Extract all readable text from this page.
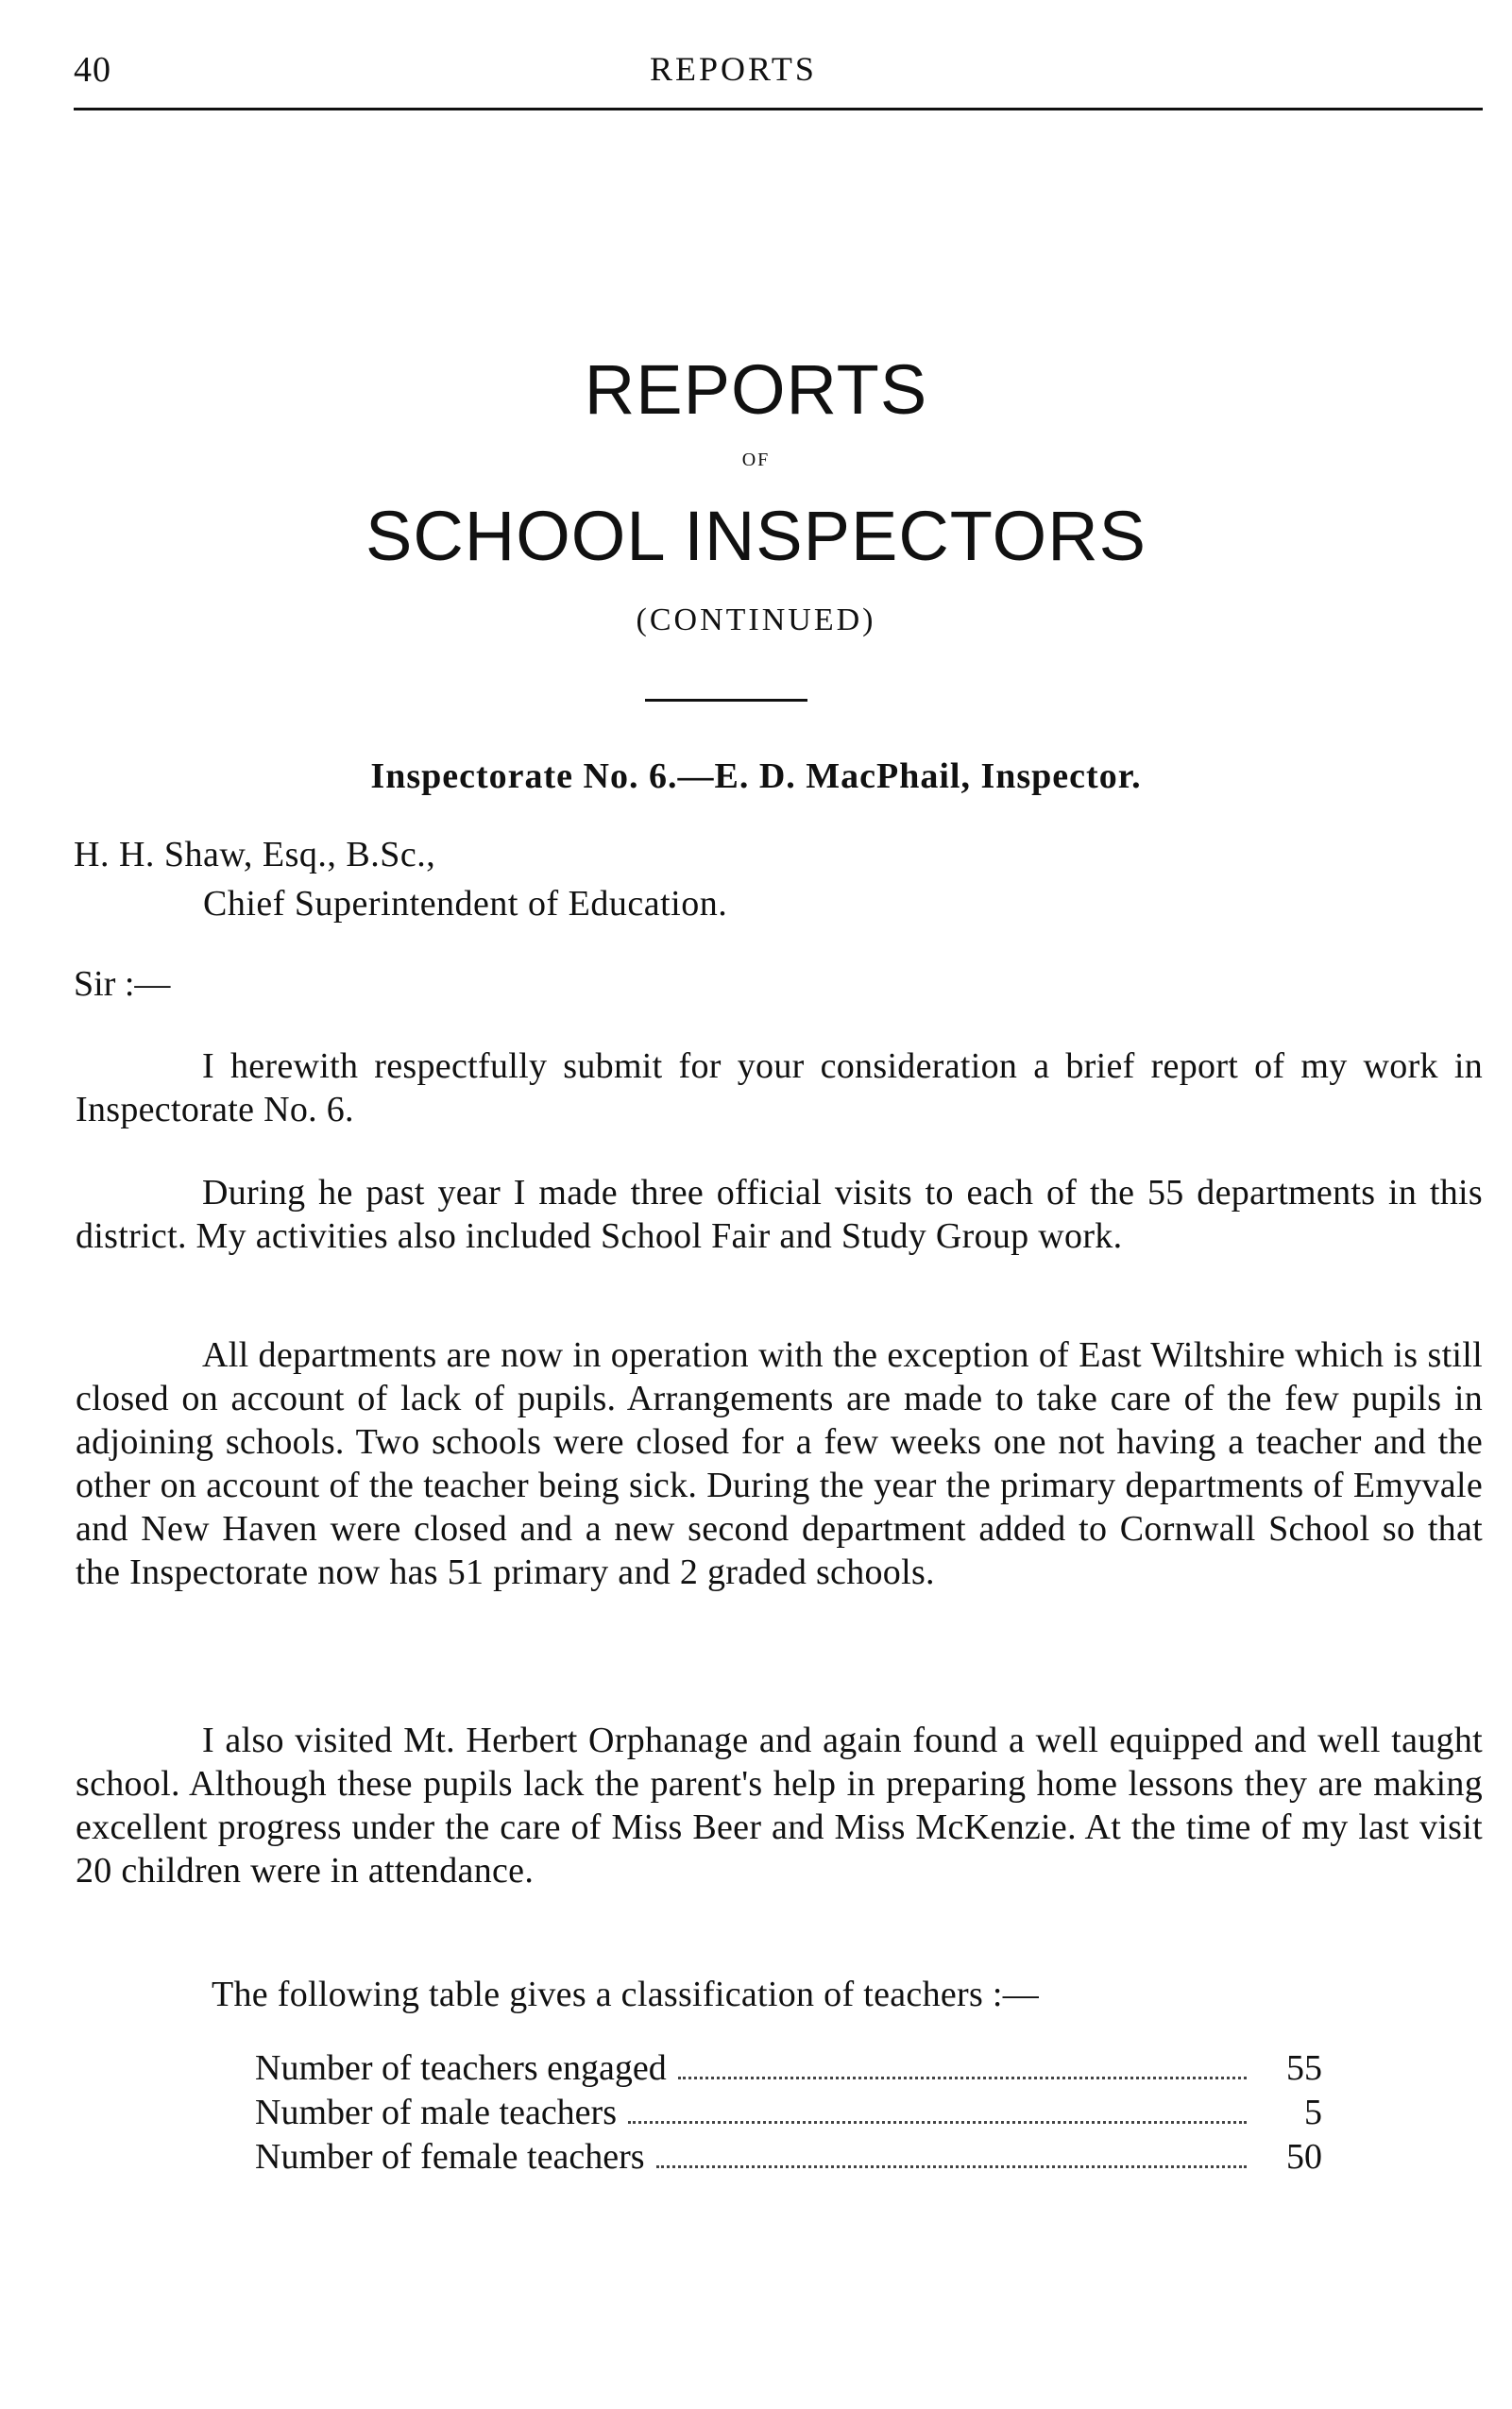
40	REPORTS
REPORTS
OF
SCHOOL INSPECTORS
(CONTINUED)
Inspectorate No. 6.—E. D. MacPhail, Inspector.
H. H. Shaw, Esq., B.Sc.,
Chief Superintendent of Education.
Sir :—

I herewith respectfully submit for your consideration a brief report of my work in Inspectorate No. 6.

During he past year I made three official visits to each of the 55 departments in this district. My activities also included School Fair and Study Group work.

All departments are now in operation with the exception of East Wiltshire which is still closed on account of lack of pupils. Arrangements are made to take care of the few pupils in adjoining schools. Two schools were closed for a few weeks one not having a teacher and the other on account of the teacher being sick. During the year the primary departments of Emyvale and New Haven were closed and a new second department added to Cornwall School so that the Inspectorate now has 51 primary and 2 graded schools.

I also visited Mt. Herbert Orphanage and again found a well equipped and well taught school. Although these pupils lack the parent's help in preparing home lessons they are making excellent progress under the care of Miss Beer and Miss McKenzie. At the time of my last visit 20 children were in attendance.

The following table gives a classification of teachers :—
Number of teachers engaged	55
Number of male teachers	5
Number of female teachers	50
